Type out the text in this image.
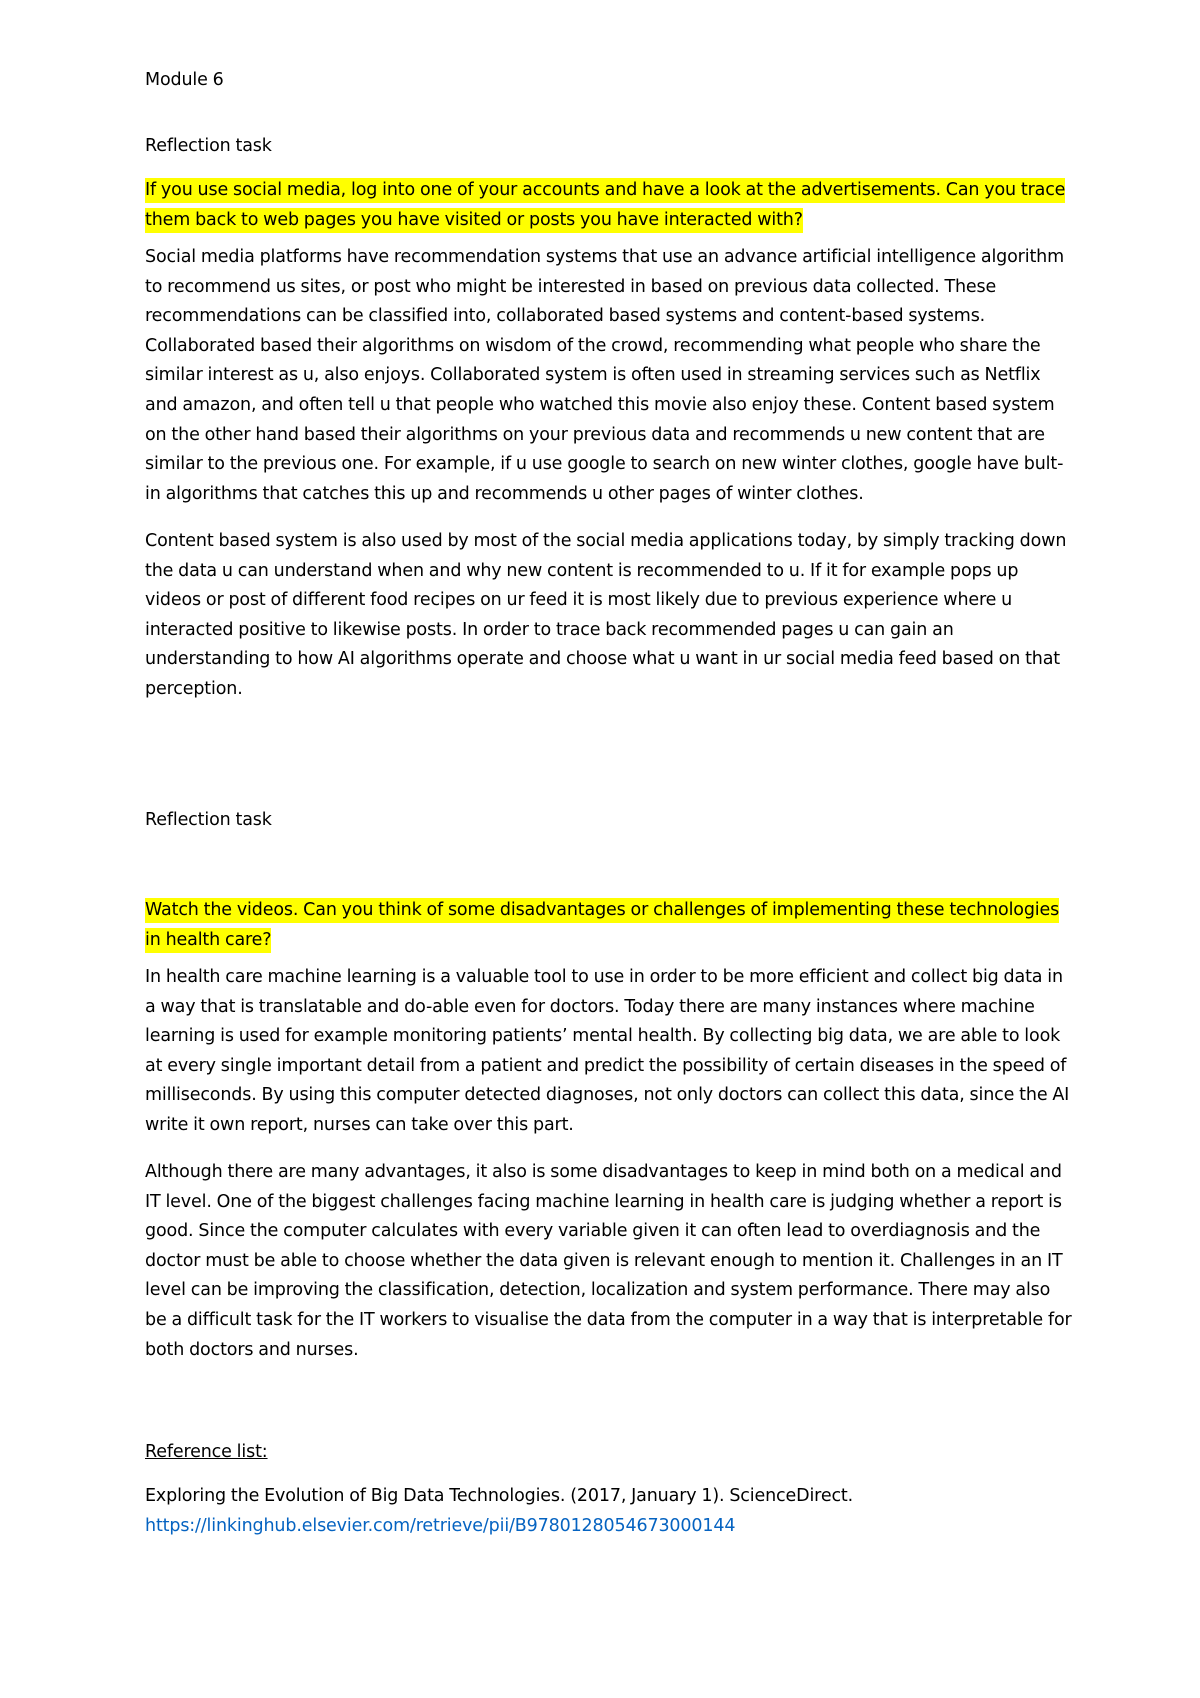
Module 6

Reflection task

If you use social media, log into one of your accounts and have a look at the advertisements. Can you trace them back to web pages you have visited or posts you have interacted with?

Social media platforms have recommendation systems that use an advance artificial intelligence algorithm to recommend us sites, or post who might be interested in based on previous data collected. These recommendations can be classified into, collaborated based systems and content-based systems. Collaborated based their algorithms on wisdom of the crowd, recommending what people who share the similar interest as u, also enjoys. Collaborated system is often used in streaming services such as Netflix and amazon, and often tell u that people who watched this movie also enjoy these. Content based system on the other hand based their algorithms on your previous data and recommends u new content that are similar to the previous one. For example, if u use google to search on new winter clothes, google have bult-in algorithms that catches this up and recommends u other pages of winter clothes.

Content based system is also used by most of the social media applications today, by simply tracking down the data u can understand when and why new content is recommended to u. If it for example pops up videos or post of different food recipes on ur feed it is most likely due to previous experience where u interacted positive to likewise posts. In order to trace back recommended pages u can gain an understanding to how AI algorithms operate and choose what u want in ur social media feed based on that perception.

Reflection task

Watch the videos. Can you think of some disadvantages or challenges of implementing these technologies in health care?

In health care machine learning is a valuable tool to use in order to be more efficient and collect big data in a way that is translatable and do-able even for doctors. Today there are many instances where machine learning is used for example monitoring patients’ mental health. By collecting big data, we are able to look at every single important detail from a patient and predict the possibility of certain diseases in the speed of milliseconds. By using this computer detected diagnoses, not only doctors can collect this data, since the AI write it own report, nurses can take over this part.

Although there are many advantages, it also is some disadvantages to keep in mind both on a medical and IT level. One of the biggest challenges facing machine learning in health care is judging whether a report is good. Since the computer calculates with every variable given it can often lead to overdiagnosis and the doctor must be able to choose whether the data given is relevant enough to mention it. Challenges in an IT level can be improving the classification, detection, localization and system performance. There may also be a difficult task for the IT workers to visualise the data from the computer in a way that is interpretable for both doctors and nurses.

Reference list:

Exploring the Evolution of Big Data Technologies. (2017, January 1). ScienceDirect.

https://linkinghub.elsevier.com/retrieve/pii/B9780128054673000144
